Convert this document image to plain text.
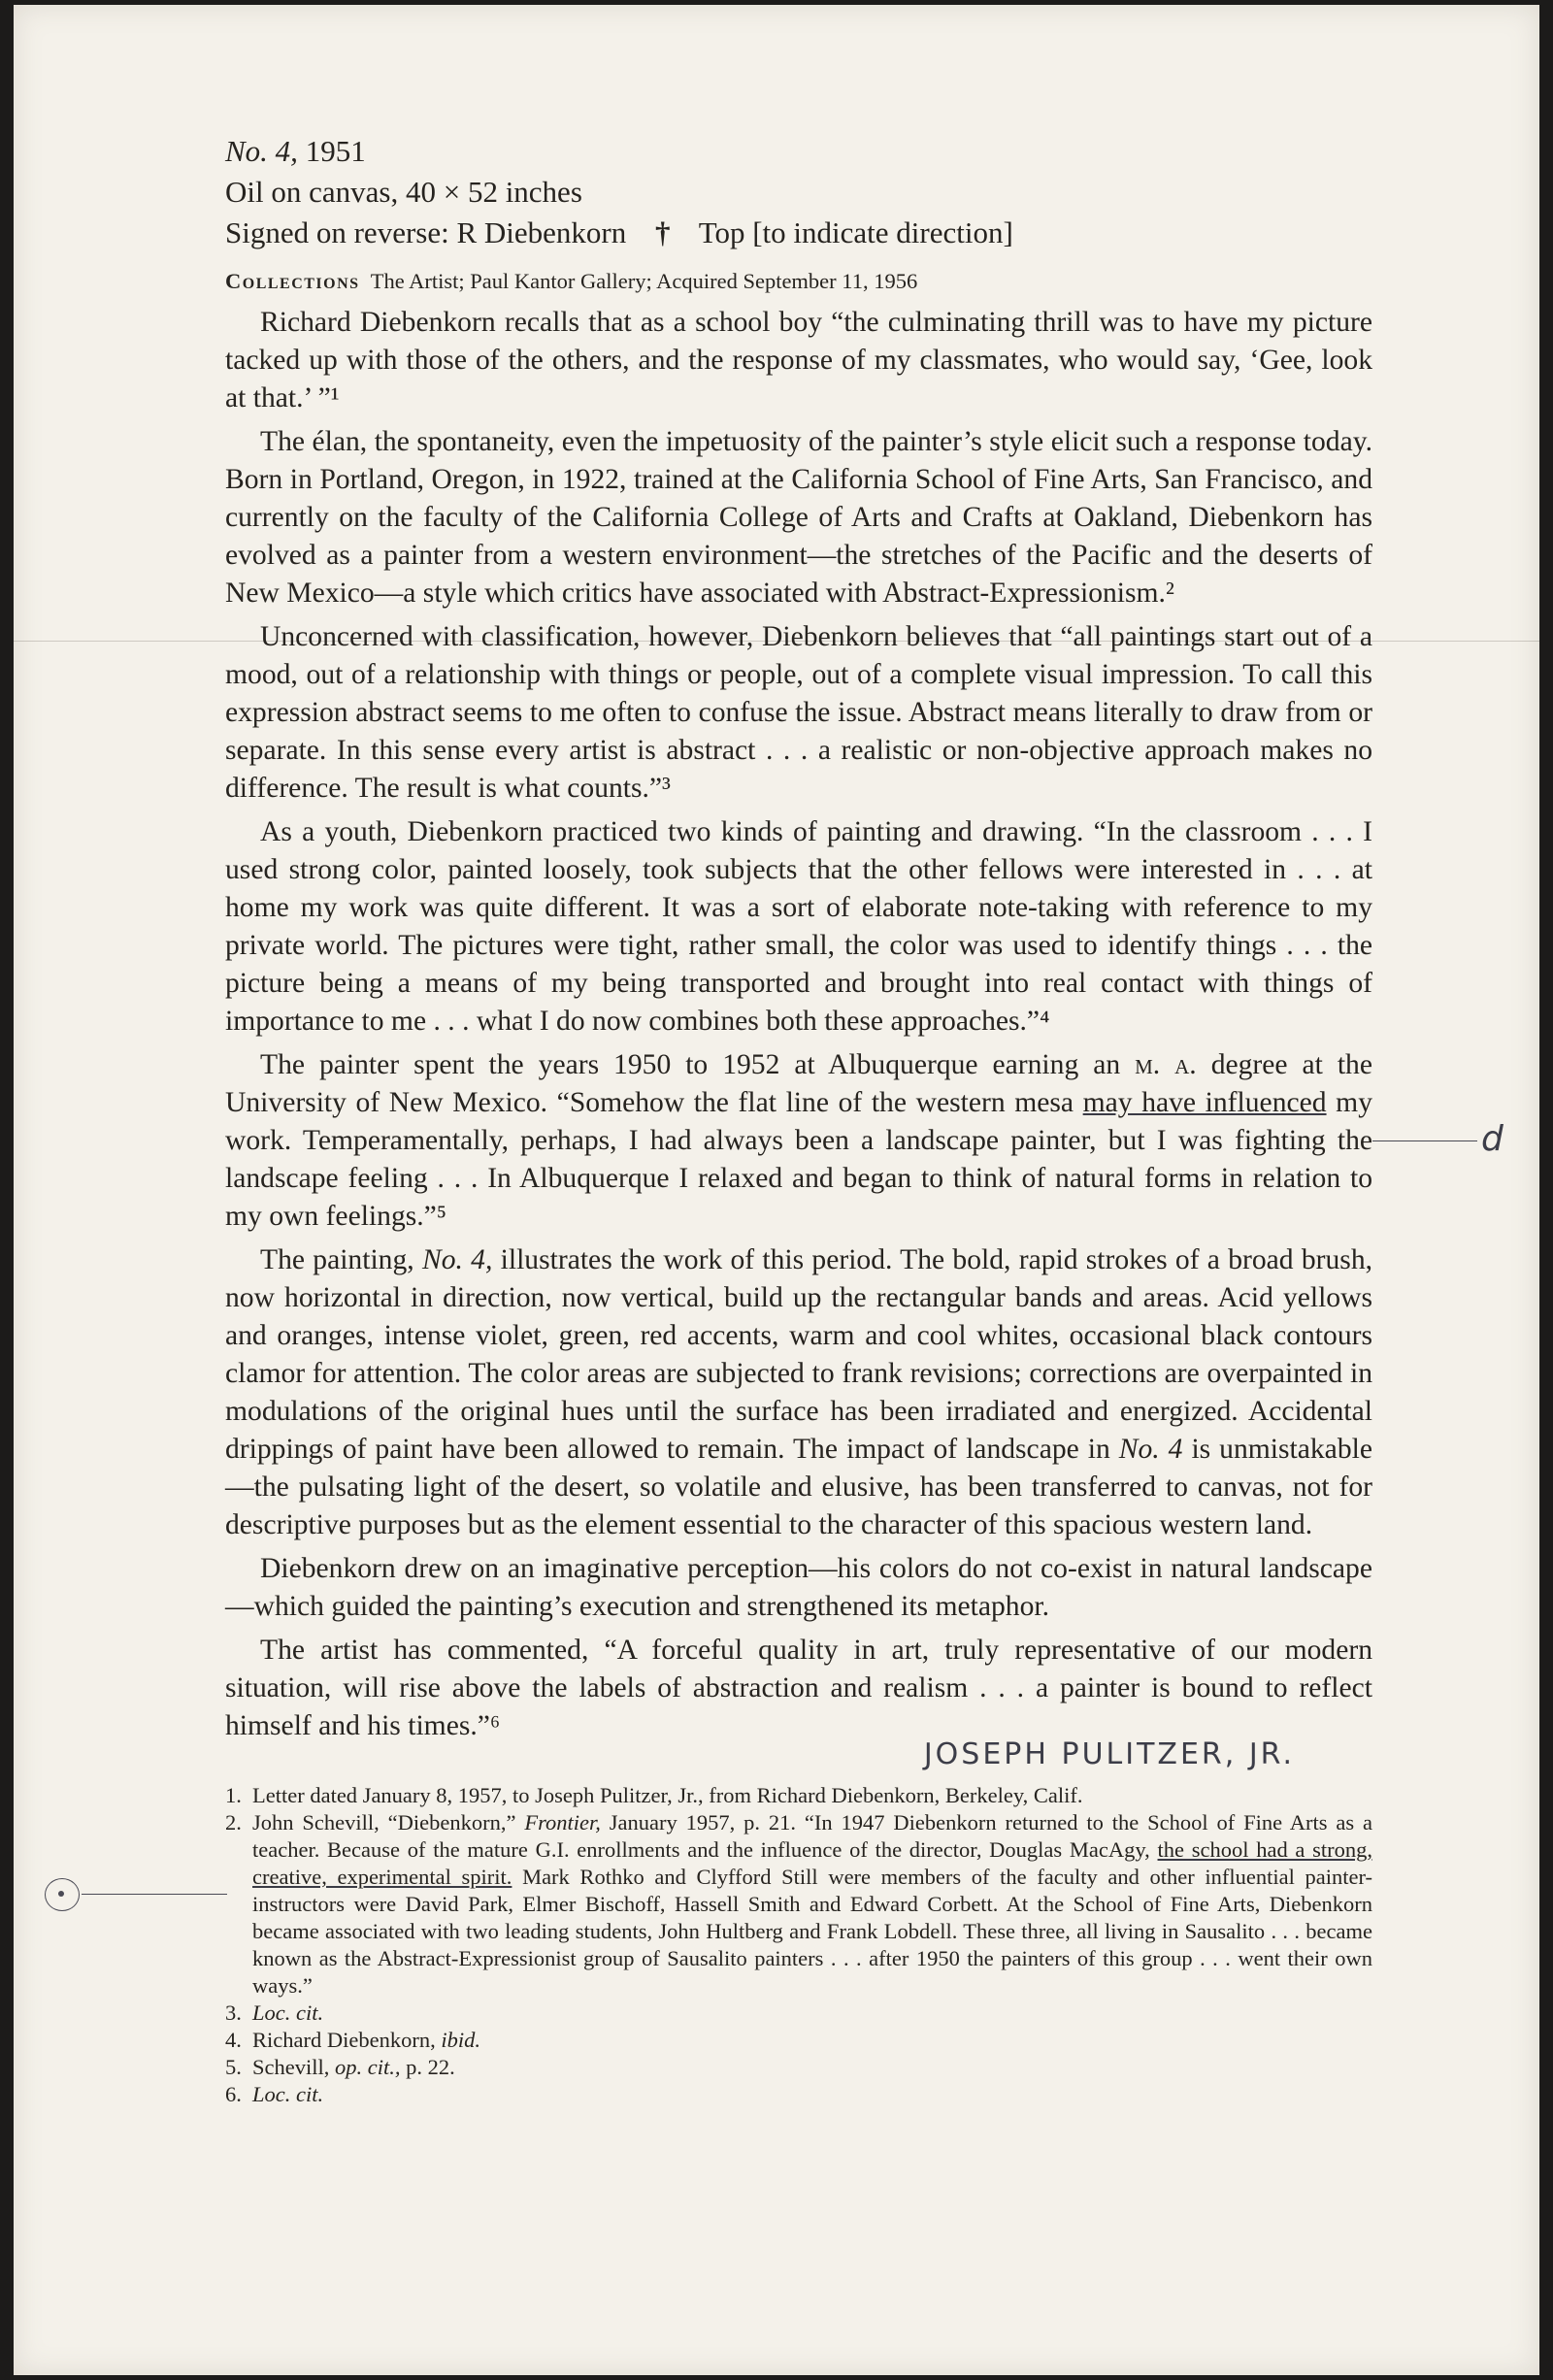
No. 4, 1951
Oil on canvas, 40 × 52 inches
Signed on reverse: R Diebenkorn † Top [to indicate direction]
Collections The Artist; Paul Kantor Gallery; Acquired September 11, 1956

Richard Diebenkorn recalls that as a school boy “the culminating thrill was to have my picture tacked up with those of the others, and the response of my classmates, who would say, ‘Gee, look at that.’ ”¹

The élan, the spontaneity, even the impetuosity of the painter’s style elicit such a response today. Born in Portland, Oregon, in 1922, trained at the California School of Fine Arts, San Francisco, and currently on the faculty of the California College of Arts and Crafts at Oakland, Diebenkorn has evolved as a painter from a western environment—the stretches of the Pacific and the deserts of New Mexico—a style which critics have associated with Abstract-Expressionism.²

Unconcerned with classification, however, Diebenkorn believes that “all paintings start out of a mood, out of a relationship with things or people, out of a complete visual impression. To call this expression abstract seems to me often to confuse the issue. Abstract means literally to draw from or separate. In this sense every artist is abstract . . . a realistic or non-objective approach makes no difference. The result is what counts.”³

As a youth, Diebenkorn practiced two kinds of painting and drawing. “In the classroom . . . I used strong color, painted loosely, took subjects that the other fellows were interested in . . . at home my work was quite different. It was a sort of elaborate note-taking with reference to my private world. The pictures were tight, rather small, the color was used to identify things . . . the picture being a means of my being transported and brought into real contact with things of importance to me . . . what I do now combines both these approaches.”⁴

The painter spent the years 1950 to 1952 at Albuquerque earning an m. a. degree at the University of New Mexico. “Somehow the flat line of the western mesa may have influenced my work. Temperamentally, perhaps, I had always been a landscape painter, but I was fighting the landscape feeling . . . In Albuquerque I relaxed and began to think of natural forms in relation to my own feelings.”⁵

The painting, No. 4, illustrates the work of this period. The bold, rapid strokes of a broad brush, now horizontal in direction, now vertical, build up the rectangular bands and areas. Acid yellows and oranges, intense violet, green, red accents, warm and cool whites, occasional black contours clamor for attention. The color areas are subjected to frank revisions; corrections are overpainted in modulations of the original hues until the surface has been irradiated and energized. Accidental drippings of paint have been allowed to remain. The impact of landscape in No. 4 is unmistakable—the pulsating light of the desert, so volatile and elusive, has been transferred to canvas, not for descriptive purposes but as the element essential to the character of this spacious western land.

Diebenkorn drew on an imaginative perception—his colors do not co-exist in natural landscape—which guided the painting’s execution and strengthened its metaphor.

The artist has commented, “A forceful quality in art, truly representative of our modern situation, will rise above the labels of abstraction and realism . . . a painter is bound to reflect himself and his times.”⁶

JOSEPH PULITZER, JR.
1. Letter dated January 8, 1957, to Joseph Pulitzer, Jr., from Richard Diebenkorn, Berkeley, Calif.
2. John Schevill, “Diebenkorn,” Frontier, January 1957, p. 21. “In 1947 Diebenkorn returned to the School of Fine Arts as a teacher. Because of the mature G.I. enrollments and the influence of the director, Douglas MacAgy, the school had a strong, creative, experimental spirit. Mark Rothko and Clyfford Still were members of the faculty and other influential painter-instructors were David Park, Elmer Bischoff, Hassell Smith and Edward Corbett. At the School of Fine Arts, Diebenkorn became associated with two leading students, John Hultberg and Frank Lobdell. These three, all living in Sausalito . . . became known as the Abstract-Expressionist group of Sausalito painters . . . after 1950 the painters of this group . . . went their own ways.”
3. Loc. cit.
4. Richard Diebenkorn, ibid.
5. Schevill, op. cit., p. 22.
6. Loc. cit.
d
